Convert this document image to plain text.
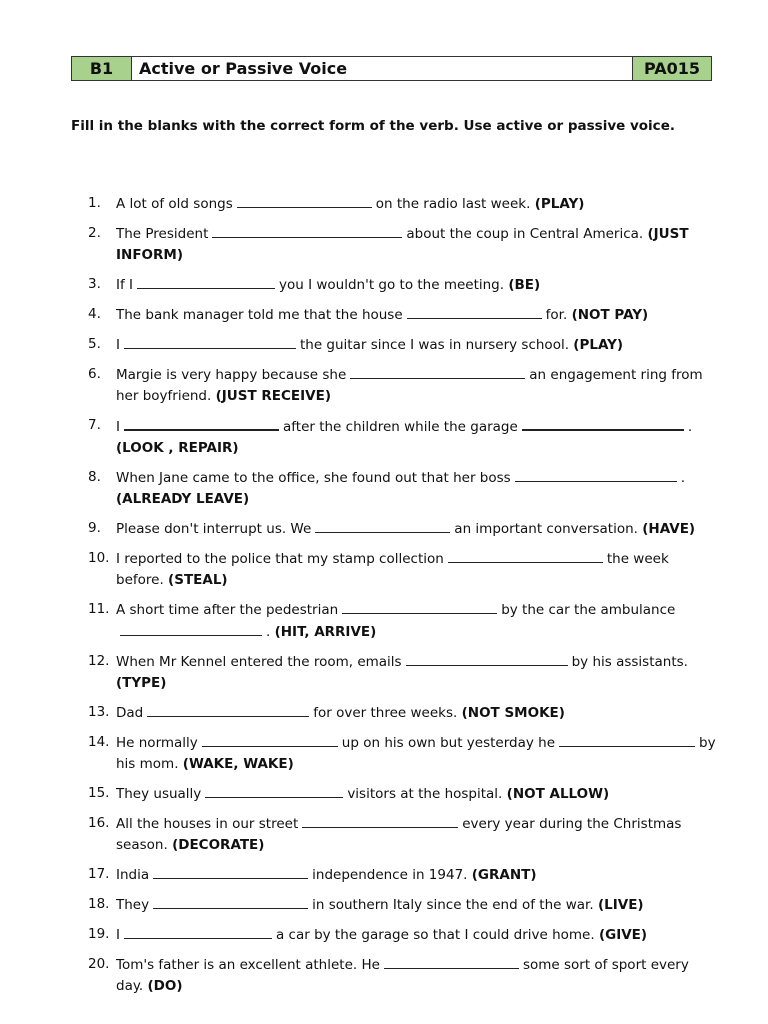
B1	Active or Passive Voice	PA015
Fill in the blanks with the correct form of the verb. Use active or passive voice.
1.	A lot of old songs	on the radio last week. (PLAY)
2.	The President	about the coup in Central America. (JUST INFORM)
3.	If I	you I wouldn't go to the meeting. (BE)
4.	The bank manager told me that the house	for. (NOT PAY)
5.	I	the guitar since I was in nursery school. (PLAY)
6.	Margie is very happy because she	an engagement ring from her boyfriend. (JUST RECEIVE)
7.	I	after the children while the garage	. (LOOK , REPAIR)
8.	When Jane came to the office, she found out that her boss	. (ALREADY LEAVE)
9.	Please don't interrupt us. We	an important conversation. (HAVE)
10. I reported to the police that my stamp collection	the week before. (STEAL)
11. A short time after the pedestrian	by the car the ambulance. (HIT, ARRIVE)
12. When Mr Kennel entered the room, emails	by his assistants. (TYPE)
13. Dad	for over three weeks. (NOT SMOKE)
14. He normally	up on his own but yesterday he	by his mom. (WAKE, WAKE)
15. They usually	visitors at the hospital. (NOT ALLOW)
16. All the houses in our street	every year during the Christmas season. (DECORATE)
17. India	independence in 1947. (GRANT)
18. They	in southern Italy since the end of the war. (LIVE)
19. I	a car by the garage so that I could drive home. (GIVE)
20. Tom's father is an excellent athlete. He	some sort of sport every day. (DO)
